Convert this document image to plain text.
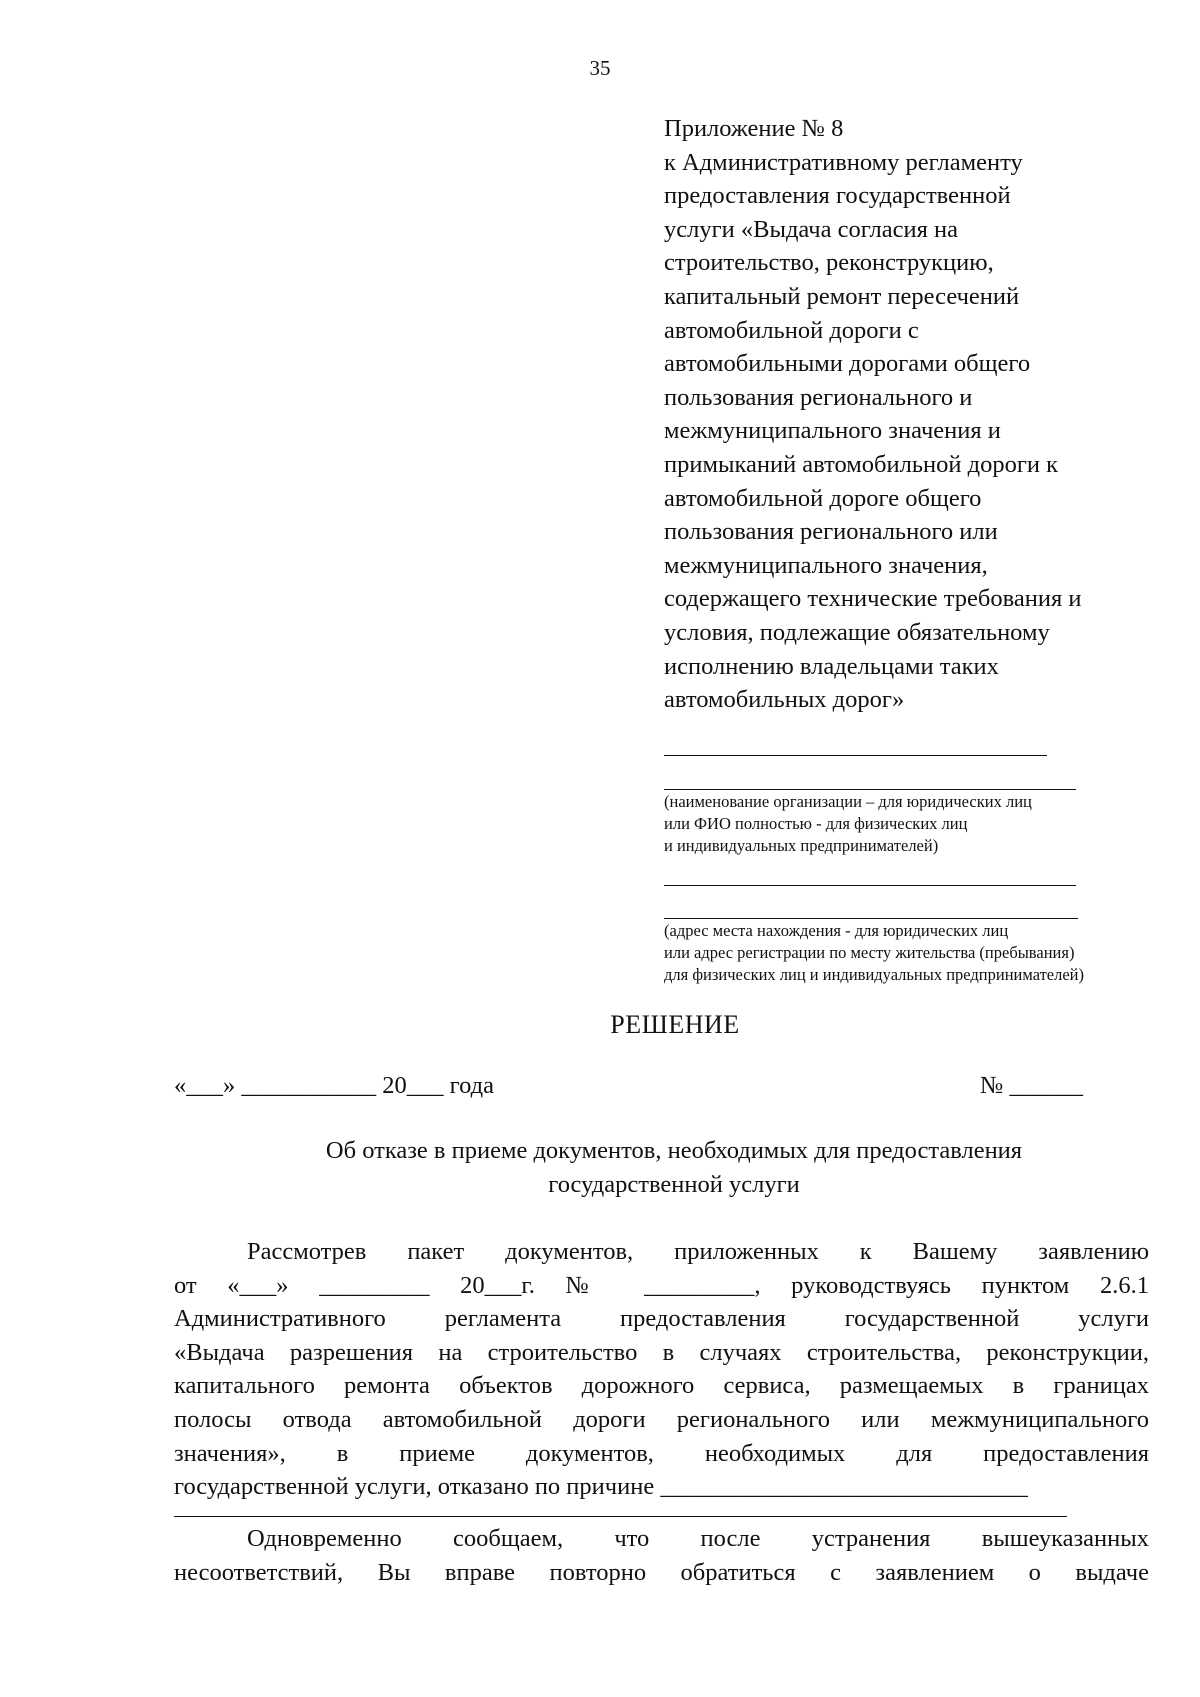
35
Приложение № 8
к Административному регламенту
предоставления государственной
услуги «Выдача согласия на
строительство, реконструкцию,
капитальный ремонт пересечений
автомобильной дороги с
автомобильными дорогами общего
пользования регионального и
межмуниципального значения и
примыканий автомобильной дороги к
автомобильной дороге общего
пользования регионального или
межмуниципального значения,
содержащего технические требования и
условия, подлежащие обязательному
исполнению владельцами таких
автомобильных дорог»
(наименование организации – для юридических лиц
или ФИО полностью - для физических лиц
и индивидуальных предпринимателей)
(адрес места нахождения - для юридических лиц
или адрес регистрации по месту жительства (пребывания)
для физических лиц и индивидуальных предпринимателей)
РЕШЕНИЕ
«___» ___________ 20___ года	№ ______
Об отказе в приеме документов, необходимых для предоставления
государственной услуги
Рассмотрев пакет документов, приложенных к Вашему заявлению
от «___» _________ 20___г. № _________, руководствуясь пунктом 2.6.1
Административного регламента предоставления государственной услуги
«Выдача разрешения на строительство в случаях строительства, реконструкции,
капитального ремонта объектов дорожного сервиса, размещаемых в границах
полосы отвода автомобильной дороги регионального или межмуниципального
значения», в приеме документов, необходимых для предоставления
государственной услуги, отказано по причине ______________________________
Одновременно сообщаем, что после устранения вышеуказанных
несоответствий, Вы вправе повторно обратиться с заявлением о выдаче
